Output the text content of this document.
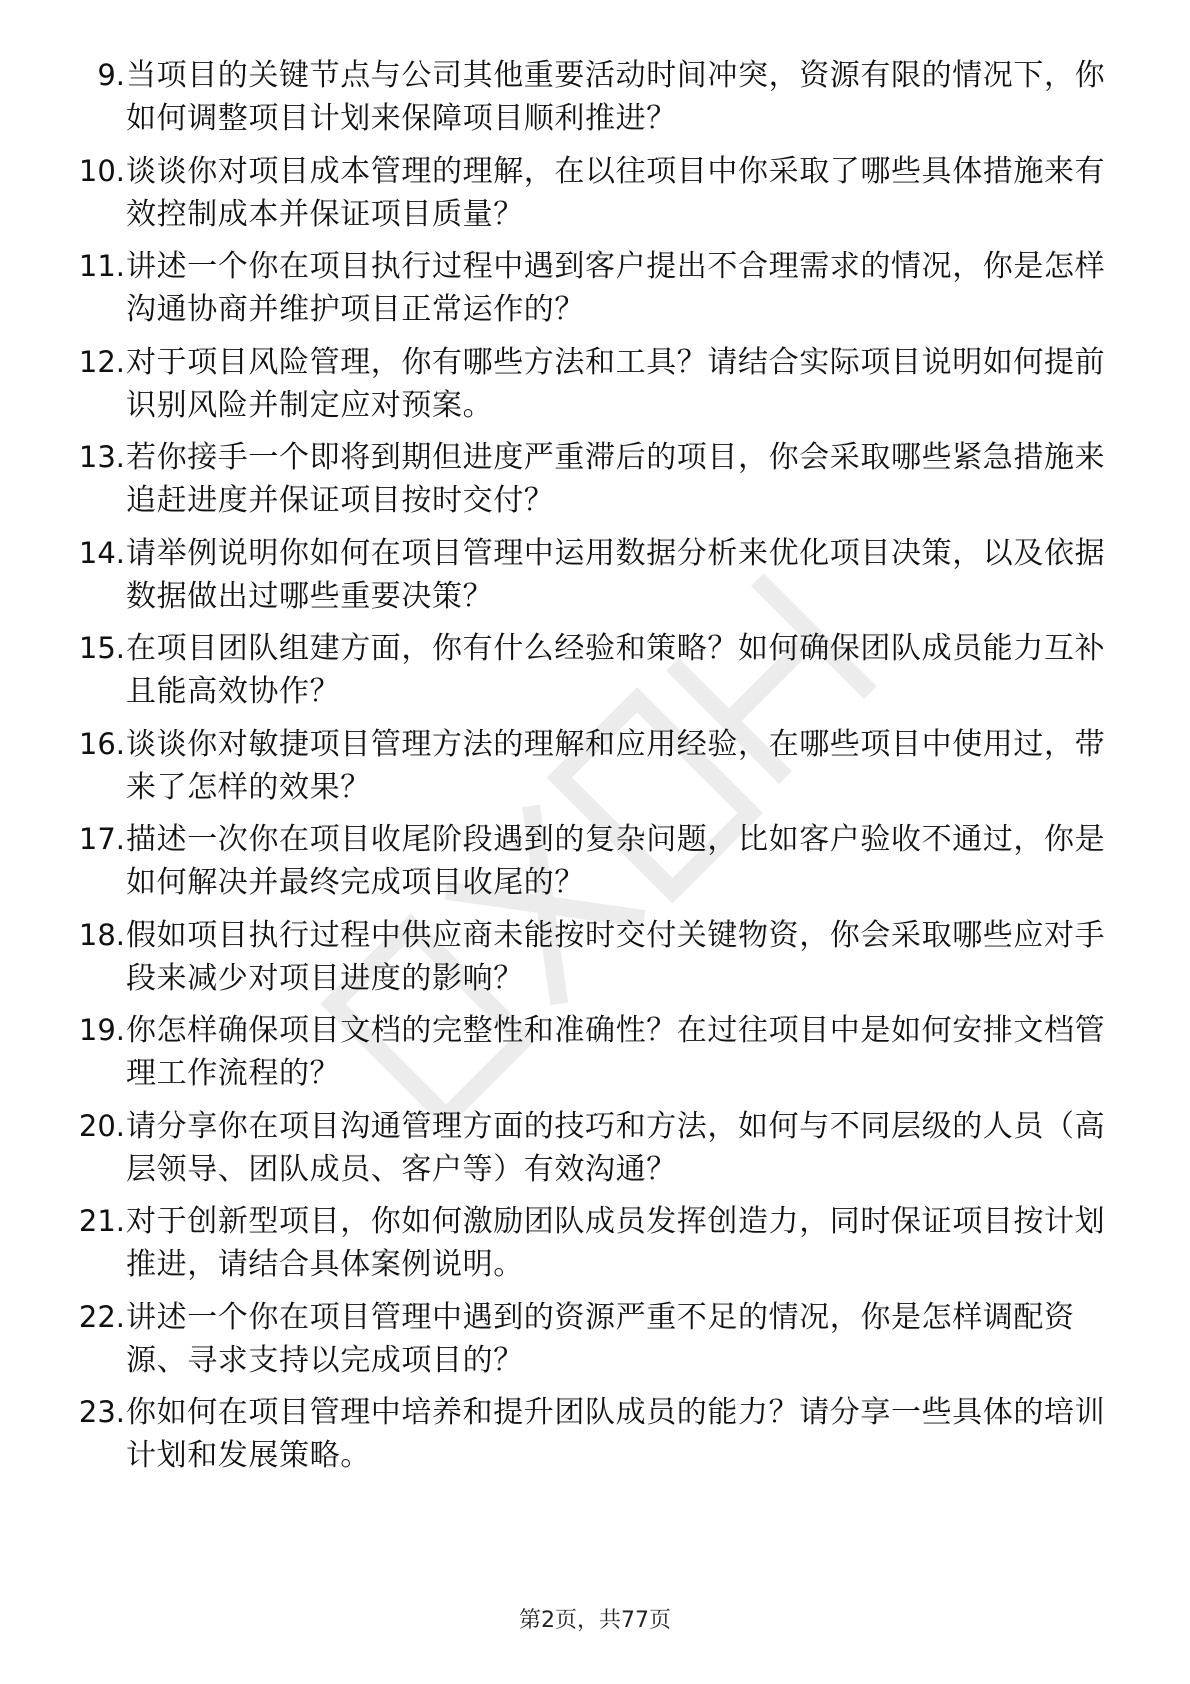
9. 当项目的关键节点与公司其他重要活动时间冲突，资源有限的情况下，你如何调整项目计划来保障项目顺利推进？
10. 谈谈你对项目成本管理的理解，在以往项目中你采取了哪些具体措施来有效控制成本并保证项目质量？
11. 讲述一个你在项目执行过程中遇到客户提出不合理需求的情况，你是怎样沟通协商并维护项目正常运作的？
12. 对于项目风险管理，你有哪些方法和工具？请结合实际项目说明如何提前识别风险并制定应对预案。
13. 若你接手一个即将到期但进度严重滞后的项目，你会采取哪些紧急措施来追赶进度并保证项目按时交付？
14. 请举例说明你如何在项目管理中运用数据分析来优化项目决策，以及依据数据做出过哪些重要决策？
15. 在项目团队组建方面，你有什么经验和策略？如何确保团队成员能力互补且能高效协作？
16. 谈谈你对敏捷项目管理方法的理解和应用经验，在哪些项目中使用过，带来了怎样的效果？
17. 描述一次你在项目收尾阶段遇到的复杂问题，比如客户验收不通过，你是如何解决并最终完成项目收尾的？
18. 假如项目执行过程中供应商未能按时交付关键物资，你会采取哪些应对手段来减少对项目进度的影响？
19. 你怎样确保项目文档的完整性和准确性？在过往项目中是如何安排文档管理工作流程的？
20. 请分享你在项目沟通管理方面的技巧和方法，如何与不同层级的人员（高层领导、团队成员、客户等）有效沟通？
21. 对于创新型项目，你如何激励团队成员发挥创造力，同时保证项目按计划推进，请结合具体案例说明。
22. 讲述一个你在项目管理中遇到的资源严重不足的情况，你是怎样调配资源、寻求支持以完成项目的？
23. 你如何在项目管理中培养和提升团队成员的能力？请分享一些具体的培训计划和发展策略。
第2页，共77页
